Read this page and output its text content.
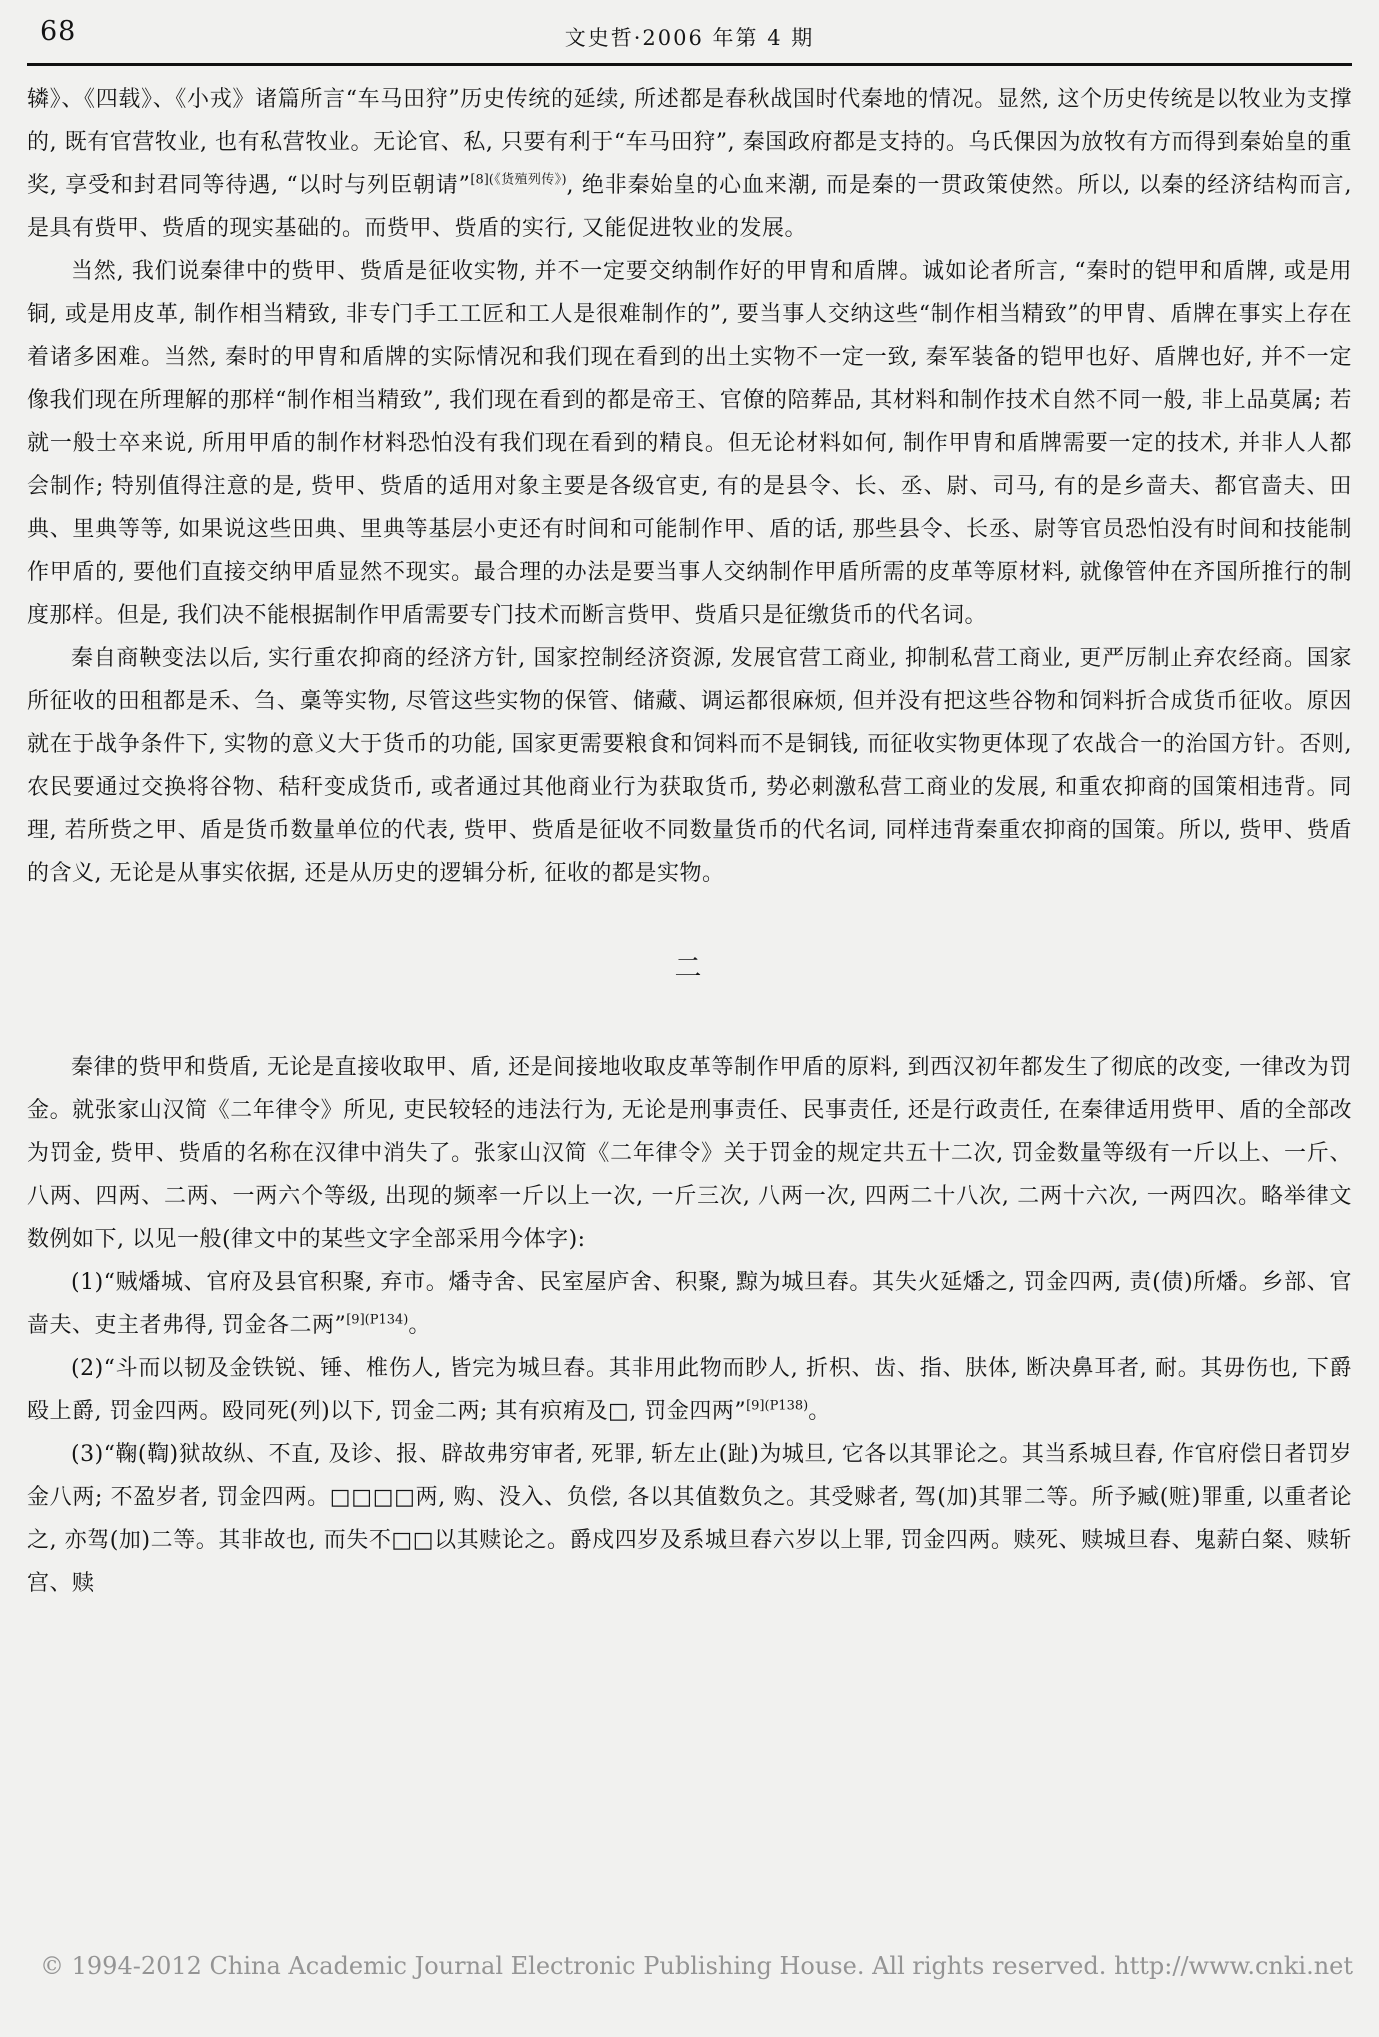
68	文史哲·2006 年第 4 期

辚》、《四载》、《小戎》诸篇所言“车马田狩”历史传统的延续, 所述都是春秋战国时代秦地的情况。显然, 这个历史传统是以牧业为支撑的, 既有官营牧业, 也有私营牧业。无论官、私, 只要有利于“车马田狩”, 秦国政府都是支持的。乌氏倮因为放牧有方而得到秦始皇的重奖, 享受和封君同等待遇, “以时与列臣朝请”$^{[8](《货殖列传》)}$, 绝非秦始皇的心血来潮, 而是秦的一贯政策使然。所以, 以秦的经济结构而言, 是具有赀甲、赀盾的现实基础的。而赀甲、赀盾的实行, 又能促进牧业的发展。

当然, 我们说秦律中的赀甲、赀盾是征收实物, 并不一定要交纳制作好的甲胄和盾牌。诚如论者所言, “秦时的铠甲和盾牌, 或是用铜, 或是用皮革, 制作相当精致, 非专门手工工匠和工人是很难制作的”, 要当事人交纳这些“制作相当精致”的甲胄、盾牌在事实上存在着诸多困难。当然, 秦时的甲胄和盾牌的实际情况和我们现在看到的出土实物不一定一致, 秦军装备的铠甲也好、盾牌也好, 并不一定像我们现在所理解的那样“制作相当精致”, 我们现在看到的都是帝王、官僚的陪葬品, 其材料和制作技术自然不同一般, 非上品莫属; 若就一般士卒来说, 所用甲盾的制作材料恐怕没有我们现在看到的精良。但无论材料如何, 制作甲胄和盾牌需要一定的技术, 并非人人都会制作; 特别值得注意的是, 赀甲、赀盾的适用对象主要是各级官吏, 有的是县令、长、丞、尉、司马, 有的是乡啬夫、都官啬夫、田典、里典等等, 如果说这些田典、里典等基层小吏还有时间和可能制作甲、盾的话, 那些县令、长丞、尉等官员恐怕没有时间和技能制作甲盾的, 要他们直接交纳甲盾显然不现实。最合理的办法是要当事人交纳制作甲盾所需的皮革等原材料, 就像管仲在齐国所推行的制度那样。但是, 我们决不能根据制作甲盾需要专门技术而断言赀甲、赀盾只是征缴货币的代名词。

秦自商鞅变法以后, 实行重农抑商的经济方针, 国家控制经济资源, 发展官营工商业, 抑制私营工商业, 更严厉制止弃农经商。国家所征收的田租都是禾、刍、稾等实物, 尽管这些实物的保管、储藏、调运都很麻烦, 但并没有把这些谷物和饲料折合成货币征收。原因就在于战争条件下, 实物的意义大于货币的功能, 国家更需要粮食和饲料而不是铜钱, 而征收实物更体现了农战合一的治国方针。否则, 农民要通过交换将谷物、秸秆变成货币, 或者通过其他商业行为获取货币, 势必刺激私营工商业的发展, 和重农抑商的国策相违背。同理, 若所赀之甲、盾是货币数量单位的代表, 赀甲、赀盾是征收不同数量货币的代名词, 同样违背秦重农抑商的国策。所以, 赀甲、赀盾的含义, 无论是从事实依据, 还是从历史的逻辑分析, 征收的都是实物。

二

秦律的赀甲和赀盾, 无论是直接收取甲、盾, 还是间接地收取皮革等制作甲盾的原料, 到西汉初年都发生了彻底的改变, 一律改为罚金。就张家山汉简《二年律令》所见, 吏民较轻的违法行为, 无论是刑事责任、民事责任, 还是行政责任, 在秦律适用赀甲、盾的全部改为罚金, 赀甲、赀盾的名称在汉律中消失了。张家山汉简《二年律令》关于罚金的规定共五十二次, 罚金数量等级有一斤以上、一斤、八两、四两、二两、一两六个等级, 出现的频率一斤以上一次, 一斤三次, 八两一次, 四两二十八次, 二两十六次, 一两四次。略举律文数例如下, 以见一般(律文中的某些文字全部采用今体字):

(1)“贼燔城、官府及县官积聚, 弃市。燔寺舍、民室屋庐舍、积聚, 黥为城旦舂。其失火延燔之, 罚金四两, 责(债)所燔。乡部、官啬夫、吏主者弗得, 罚金各二两”$^{[9](P134)}$。

(2)“斗而以韧及金铁锐、锤、椎伤人, 皆完为城旦舂。其非用此物而眇人, 折枳、齿、指、肤体, 断决鼻耳者, 耐。其毋伤也, 下爵殴上爵, 罚金四两。殴同死(列)以下, 罚金二两; 其有疻痏及□, 罚金四两”$^{[9](P138)}$。

(3)“鞠(鞫)狱故纵、不直, 及诊、报、辟故弗穷审者, 死罪, 斩左止(趾)为城旦, 它各以其罪论之。其当系城旦舂, 作官府偿日者罚岁金八两; 不盈岁者, 罚金四两。□□□□两, 购、没入、负偿, 各以其值数负之。其受赇者, 驾(加)其罪二等。所予臧(赃)罪重, 以重者论之, 亦驾(加)二等。其非故也, 而失不□□以其赎论之。爵戍四岁及系城旦舂六岁以上罪, 罚金四两。赎死、赎城旦舂、鬼薪白粲、赎斩宫、赎

© 1994-2012 China Academic Journal Electronic Publishing House. All rights reserved. http://www.cnki.net
